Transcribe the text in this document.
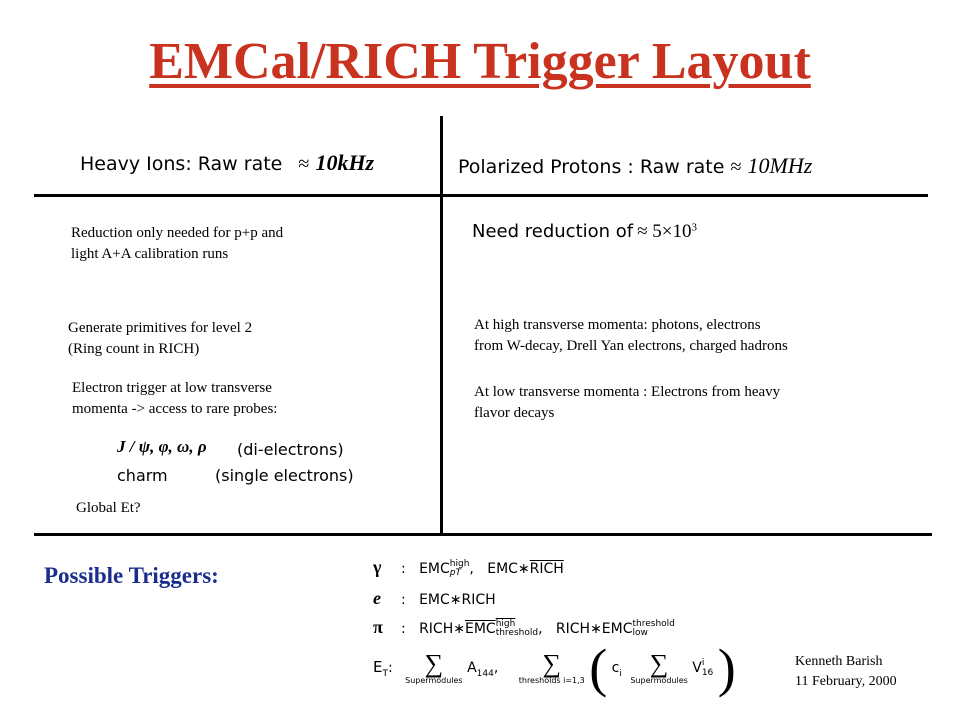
EMCal/RICH Trigger Layout
Heavy Ions: Raw rate ≈ 10kHz	Polarized Protons : Raw rate ≈ 10MHz
Reduction only needed for p+p and
light A+A calibration runs
Generate primitives for level 2
(Ring count in RICH)
Electron trigger at low transverse
momenta -> access to rare probes:
J / ψ, φ, ω, ρ (di-electrons)
charm	(single electrons)
Global Et?
Need reduction of ≈ $5\times 10^3$
At high transverse momenta: photons, electrons
from W-decay, Drell Yan electrons, charged hadrons
At low transverse momenta : Electrons from heavy
flavor decays
Possible Triggers:	γ : EMC high
pT , EMC∗RICH
e : EMC∗RICH
π : $RICH∗\overline{EMC}$ high
threshold , RICH∗EMC threshold
low
$E_T$:	∑
Supermodules
$A_{144}$,	∑
thresholds i=1,3 ( $c_i$	∑
Supermodules
V i
16 )	Kenneth Barish
11 February, 2000
